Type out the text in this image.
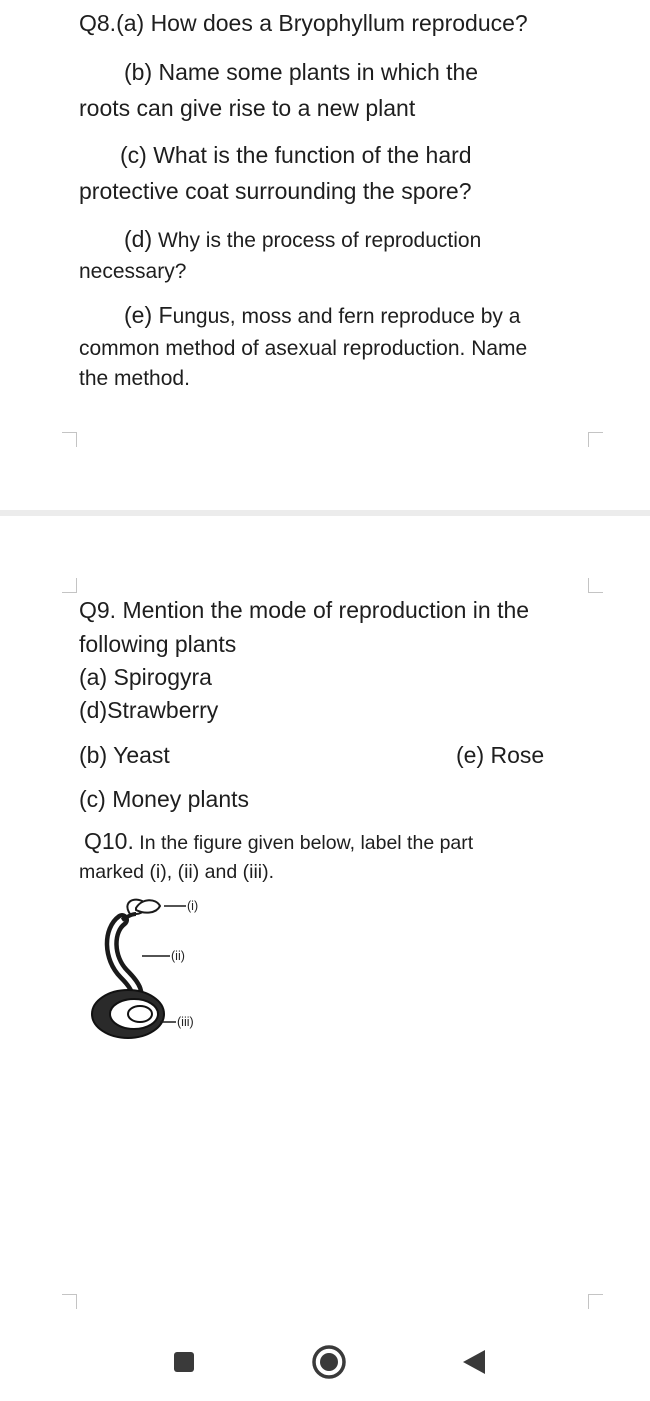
Q8.(a) How does a Bryophyllum reproduce?

(b) Name some plants in which the

roots can give rise to a new plant

(c) What is the function of the hard

protective coat surrounding the spore?

(d) Why is the process of reproduction

necessary?

(e) Fungus, moss and fern reproduce by a

common method of asexual reproduction. Name

the method.

Q9. Mention the mode of reproduction in the

following plants

(a) Spirogyra

(d)Strawberry

(b) Yeast	(e) Rose

(c) Money plants

Q10. In the figure given below, label the part

marked (i), (ii) and (iii).

(i)
(ii)
(iii)
